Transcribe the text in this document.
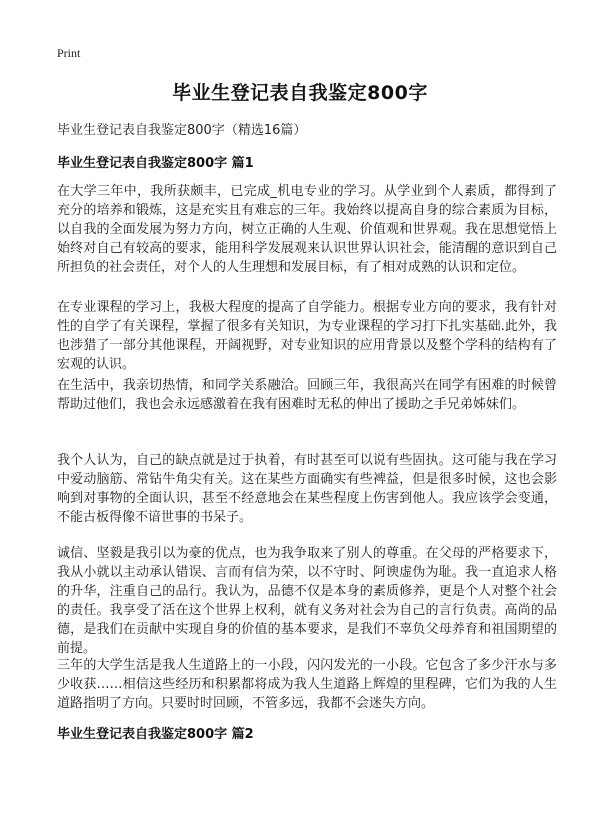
Print
毕业生登记表自我鉴定800字
毕业生登记表自我鉴定800字（精选16篇）
毕业生登记表自我鉴定800字 篇1
在大学三年中，我所获颇丰，已完成_机电专业的学习。从学业到个人素质，都得到了充分的培养和锻炼，这是充实且有难忘的三年。我始终以提高自身的综合素质为目标，以自我的全面发展为努力方向，树立正确的人生观、价值观和世界观。我在思想觉悟上始终对自己有较高的要求，能用科学发展观来认识世界认识社会，能清醒的意识到自己所担负的社会责任，对个人的人生理想和发展目标，有了相对成熟的认识和定位。
在专业课程的学习上，我极大程度的提高了自学能力。根据专业方向的要求，我有针对性的自学了有关课程，掌握了很多有关知识，为专业课程的学习打下扎实基础.此外，我也涉猎了一部分其他课程，开阔视野，对专业知识的应用背景以及整个学科的结构有了宏观的认识。
在生活中，我亲切热情，和同学关系融洽。回顾三年，我很高兴在同学有困难的时候曾帮助过他们，我也会永远感激着在我有困难时无私的伸出了援助之手兄弟姊妹们。
我个人认为，自己的缺点就是过于执着，有时甚至可以说有些固执。这可能与我在学习中爱动脑筋、常钻牛角尖有关。这在某些方面确实有些裨益，但是很多时候，这也会影响到对事物的全面认识，甚至不经意地会在某些程度上伤害到他人。我应该学会变通，不能古板得像不谙世事的书呆子。
诚信、坚毅是我引以为豪的优点，也为我争取来了别人的尊重。在父母的严格要求下，我从小就以主动承认错误、言而有信为荣，以不守时、阿谀虚伪为耻。我一直追求人格的升华，注重自己的品行。我认为，品德不仅是本身的素质修养，更是个人对整个社会的责任。我享受了活在这个世界上权利，就有义务对社会为自己的言行负责。高尚的品德，是我们在贡献中实现自身的价值的基本要求，是我们不辜负父母养育和祖国期望的前提。
三年的大学生活是我人生道路上的一小段，闪闪发光的一小段。它包含了多少汗水与多少收获……相信这些经历和积累都将成为我人生道路上辉煌的里程碑，它们为我的人生道路指明了方向。只要时时回顾，不管多远，我都不会迷失方向。
毕业生登记表自我鉴定800字 篇2
